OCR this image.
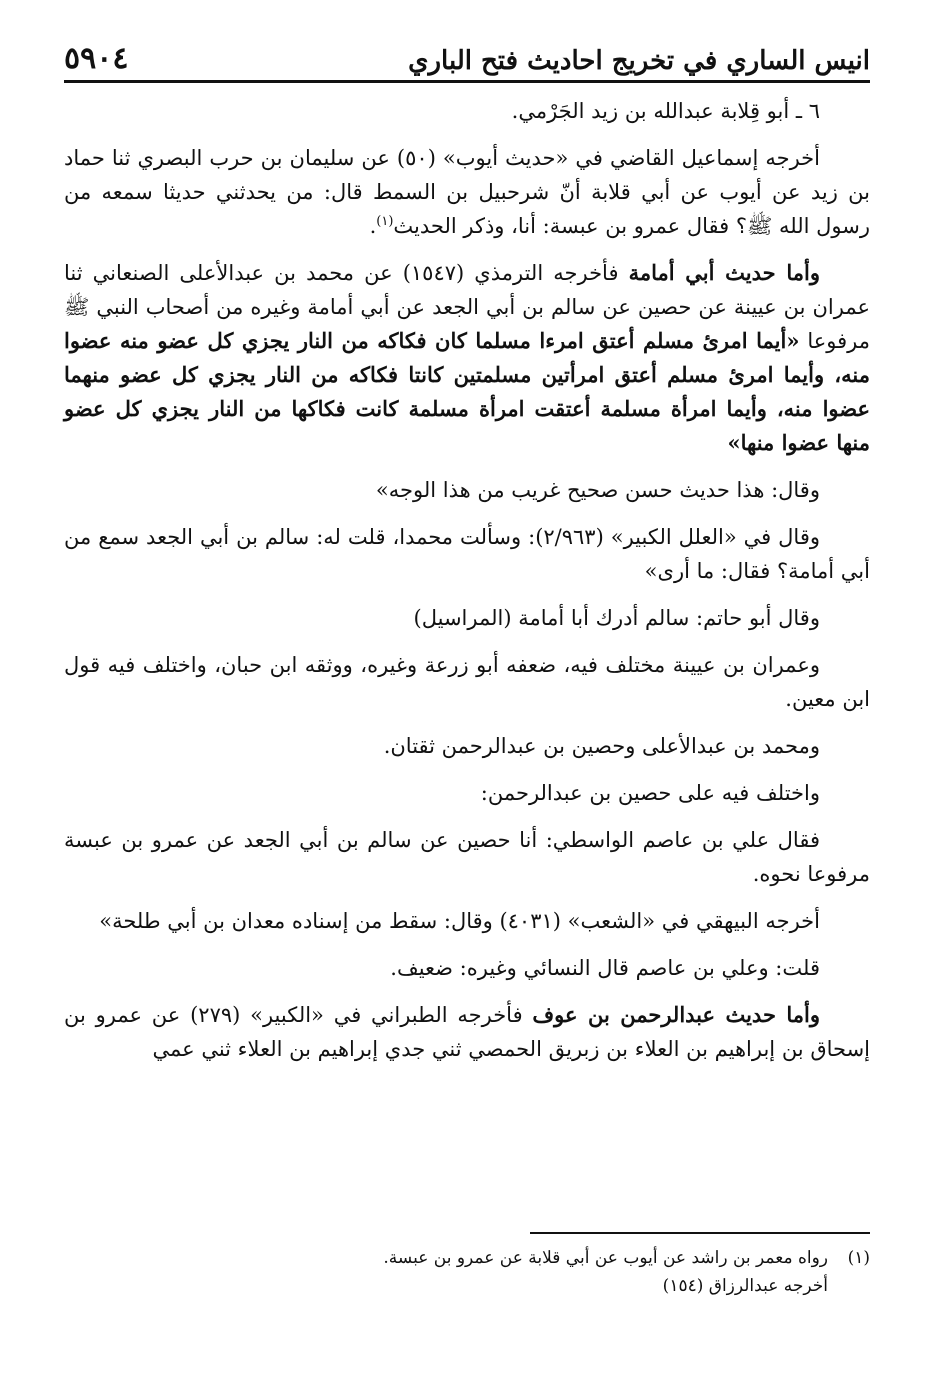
انيس الساري في تخريج احاديث فتح الباري
٥٩٠٤

٦ ـ أبو قِلابة عبدالله بن زيد الجَرْمي.

أخرجه إسماعيل القاضي في «حديث أيوب» (٥٠) عن سليمان بن حرب البصري ثنا حماد بن زيد عن أيوب عن أبي قلابة أنّ شرحبيل بن السمط قال: من يحدثني حديثا سمعه من رسول الله ﷺ؟ فقال عمرو بن عبسة: أنا، وذكر الحديث$^{(١)}$.

وأما حديث أبي أمامة فأخرجه الترمذي (١٥٤٧) عن محمد بن عبدالأعلى الصنعاني ثنا عمران بن عيينة عن حصين عن سالم بن أبي الجعد عن أبي أمامة وغيره من أصحاب النبي ﷺ مرفوعا «أيما امرئ مسلم أعتق امرءا مسلما كان فكاكه من النار يجزي كل عضو منه عضوا منه، وأيما امرئ مسلم أعتق امرأتين مسلمتين كانتا فكاكه من النار يجزي كل عضو منهما عضوا منه، وأيما امرأة مسلمة أعتقت امرأة مسلمة كانت فكاكها من النار يجزي كل عضو منها عضوا منها»

وقال: هذا حديث حسن صحيح غريب من هذا الوجه»

وقال في «العلل الكبير» (٢/٩٦٣): وسألت محمدا، قلت له: سالم بن أبي الجعد سمع من أبي أمامة؟ فقال: ما أرى»

وقال أبو حاتم: سالم أدرك أبا أمامة (المراسيل)

وعمران بن عيينة مختلف فيه، ضعفه أبو زرعة وغيره، ووثقه ابن حبان، واختلف فيه قول ابن معين.

ومحمد بن عبدالأعلى وحصين بن عبدالرحمن ثقتان.

واختلف فيه على حصين بن عبدالرحمن:

فقال علي بن عاصم الواسطي: أنا حصين عن سالم بن أبي الجعد عن عمرو بن عبسة مرفوعا نحوه.

أخرجه البيهقي في «الشعب» (٤٠٣١) وقال: سقط من إسناده معدان بن أبي طلحة»

قلت: وعلي بن عاصم قال النسائي وغيره: ضعيف.

وأما حديث عبدالرحمن بن عوف فأخرجه الطبراني في «الكبير» (٢٧٩) عن عمرو بن إسحاق بن إبراهيم بن العلاء بن زبريق الحمصي ثني جدي إبراهيم بن العلاء ثني عمي

(١)رواه معمر بن راشد عن أيوب عن أبي قلابة عن عمرو بن عبسة.

أخرجه عبدالرزاق (١٥٤)
